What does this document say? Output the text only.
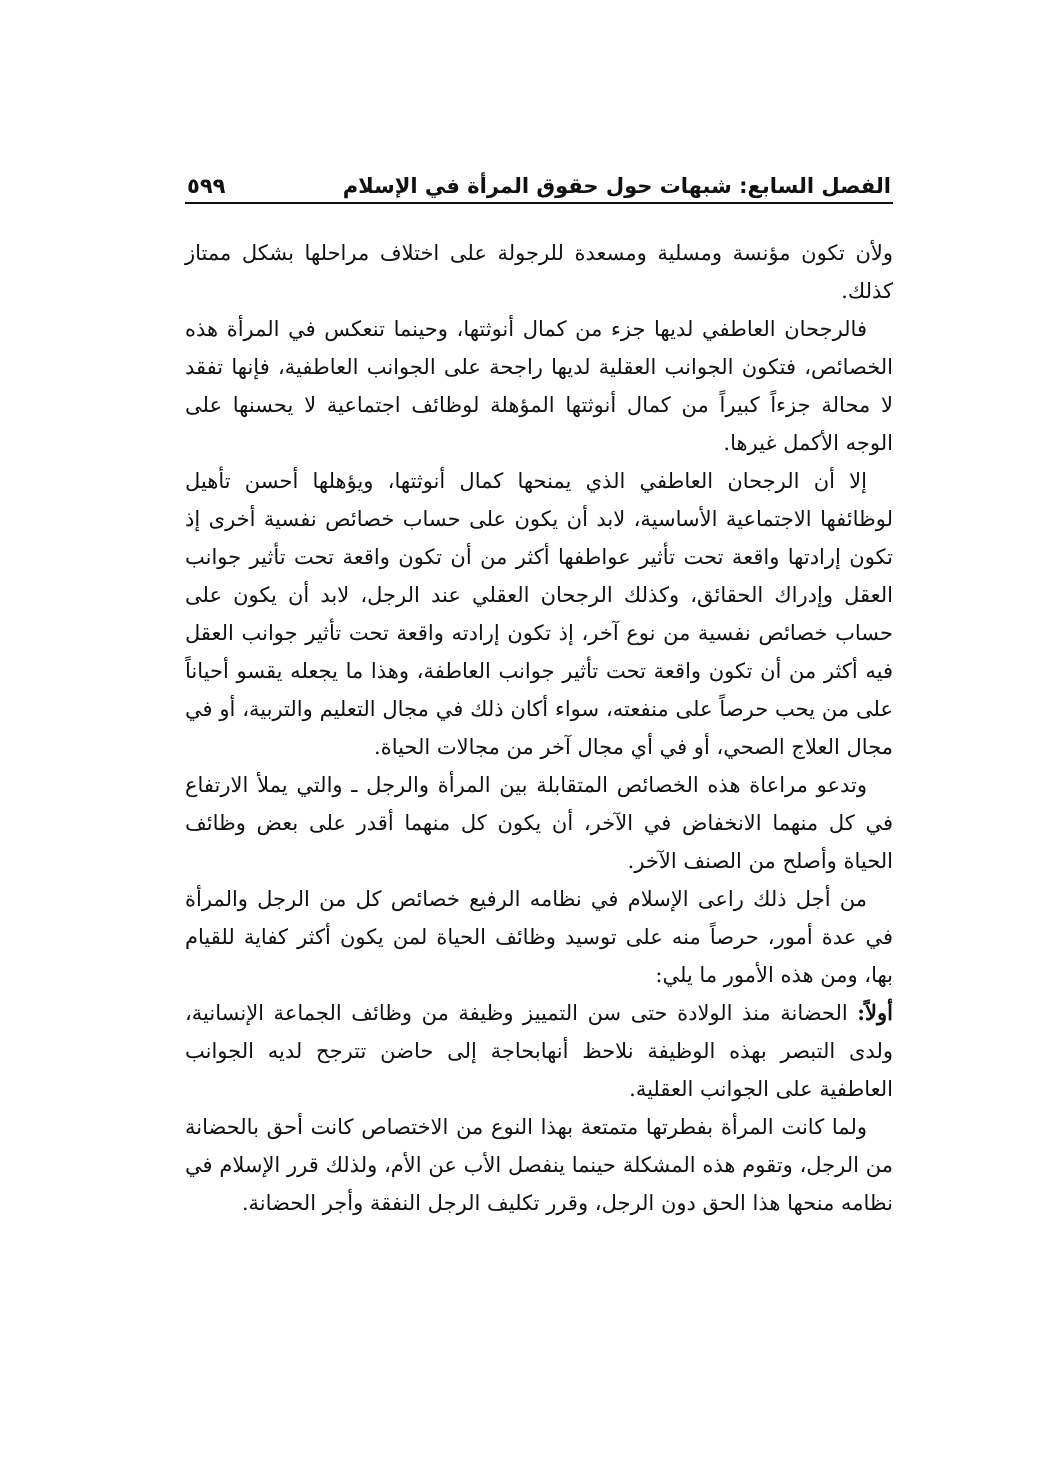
الفصل السابع: شبهات حول حقوق المرأة في الإسلام
٥٩٩

ولأن تكون مؤنسة ومسلية ومسعدة للرجولة على اختلاف مراحلها بشكل ممتاز كذلك.

فالرجحان العاطفي لديها جزء من كمال أنوثتها، وحينما تنعكس في المرأة هذه الخصائص، فتكون الجوانب العقلية لديها راجحة على الجوانب العاطفية، فإنها تفقد لا محالة جزءاً كبيراً من كمال أنوثتها المؤهلة لوظائف اجتماعية لا يحسنها على الوجه الأكمل غيرها.

إلا أن الرجحان العاطفي الذي يمنحها كمال أنوثتها، ويؤهلها أحسن تأهيل لوظائفها الاجتماعية الأساسية، لابد أن يكون على حساب خصائص نفسية أخرى إذ تكون إرادتها واقعة تحت تأثير عواطفها أكثر من أن تكون واقعة تحت تأثير جوانب العقل وإدراك الحقائق، وكذلك الرجحان العقلي عند الرجل، لابد أن يكون على حساب خصائص نفسية من نوع آخر، إذ تكون إرادته واقعة تحت تأثير جوانب العقل فيه أكثر من أن تكون واقعة تحت تأثير جوانب العاطفة، وهذا ما يجعله يقسو أحياناً على من يحب حرصاً على منفعته، سواء أكان ذلك في مجال التعليم والتربية، أو في مجال العلاج الصحي، أو في أي مجال آخر من مجالات الحياة.

وتدعو مراعاة هذه الخصائص المتقابلة بين المرأة والرجل ـ والتي يملأ الارتفاع في كل منهما الانخفاض في الآخر، أن يكون كل منهما أقدر على بعض وظائف الحياة وأصلح من الصنف الآخر.

من أجل ذلك راعى الإسلام في نظامه الرفيع خصائص كل من الرجل والمرأة في عدة أمور، حرصاً منه على توسيد وظائف الحياة لمن يكون أكثر كفاية للقيام بها، ومن هذه الأمور ما يلي:

أولاً: الحضانة منذ الولادة حتى سن التمييز وظيفة من وظائف الجماعة الإنسانية، ولدى التبصر بهذه الوظيفة نلاحظ أنهابحاجة إلى حاضن تترجح لديه الجوانب العاطفية على الجوانب العقلية.

ولما كانت المرأة بفطرتها متمتعة بهذا النوع من الاختصاص كانت أحق بالحضانة من الرجل، وتقوم هذه المشكلة حينما ينفصل الأب عن الأم، ولذلك قرر الإسلام في نظامه منحها هذا الحق دون الرجل، وقرر تكليف الرجل النفقة وأجر الحضانة.
